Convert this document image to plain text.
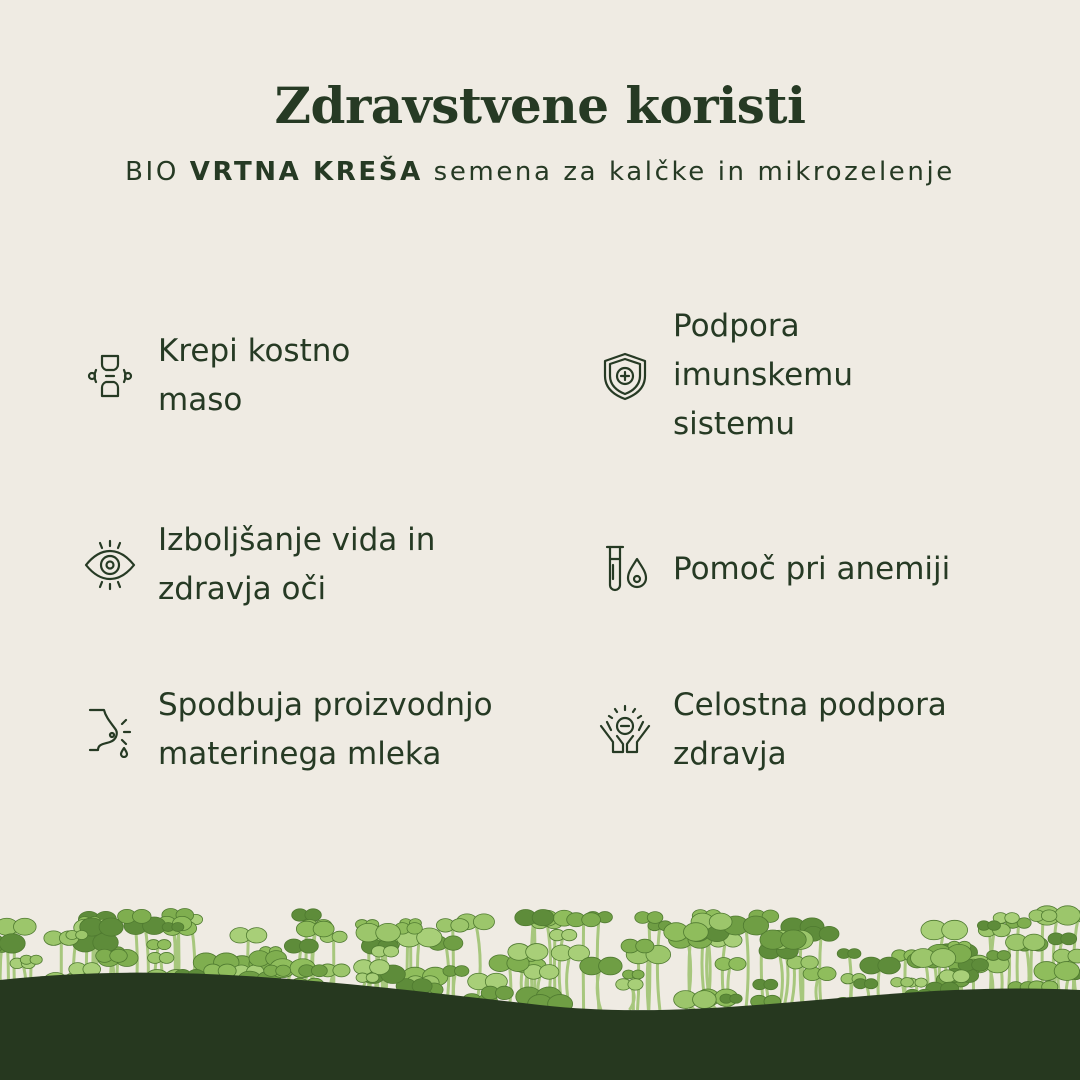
Zdravstvene koristi
BIO VRTNA KREŠA semena za kalčke in mikrozelenje
Krepi kostno
maso
Podpora
imunskemu
sistemu
Izboljšanje vida in
zdravja oči
Pomoč pri anemiji
Spodbuja proizvodnjo
materinega mleka
Celostna podpora
zdravja
